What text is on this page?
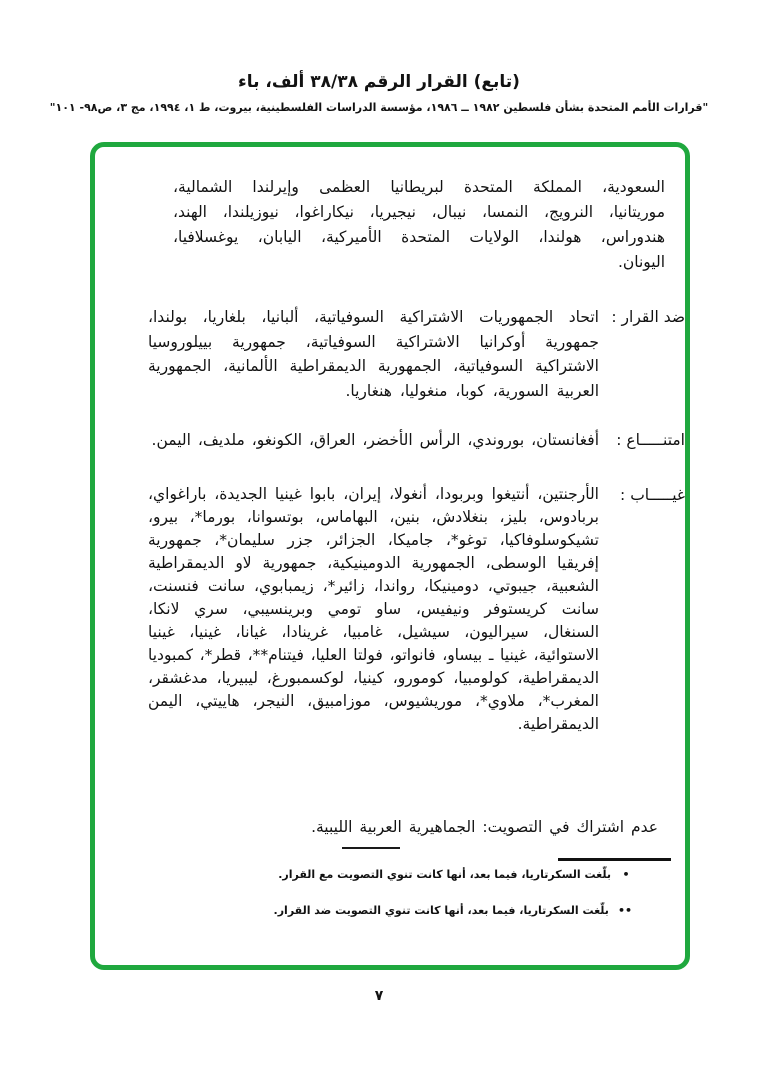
(تابع) القرار الرقم ٣٨/٣٨ ألف، باء
"قرارات الأمم المتحدة بشأن فلسطين ١٩٨٢ ــ ١٩٨٦، مؤسسة الدراسات الفلسطينية، بيروت، ط ١، ١٩٩٤، مج ٣، ص٩٨- ١٠١"
السعودية، المملكة المتحدة لبريطانيا العظمى وإيرلندا الشمالية، موريتانيا، النرويج، النمسا، نيبال، نيجيريا، نيكاراغوا، نيوزيلندا، الهند، هندوراس، هولندا، الولايات المتحدة الأميركية، اليابان، يوغسلافيا، اليونان.
ضد القرار :
اتحاد الجمهوريات الاشتراكية السوفياتية، ألبانيا، بلغاريا، بولندا، جمهورية أوكرانيا الاشتراكية السوفياتية، جمهورية بييلوروسيا الاشتراكية السوفياتية، الجمهورية الديمقراطية الألمانية، الجمهورية العربية السورية، كوبا، منغوليا، هنغاريا.
امتنـــــاع :
أفغانستان، بوروندي، الرأس الأخضر، العراق، الكونغو، ملديف، اليمن.
غيـــــاب :
الأرجنتين، أنتيغوا وبربودا، أنغولا، إيران، بابوا غينيا الجديدة، باراغواي، بربادوس، بليز، بنغلادش، بنين، البهاماس، بوتسوانا، بورما*، بيرو، تشيكوسلوفاكيا، توغو*، جاميكا، الجزائر، جزر سليمان*، جمهورية إفريقيا الوسطى، الجمهورية الدومينيكية، جمهورية لاو الديمقراطية الشعبية، جيبوتي، دومينيكا، رواندا، زائير*، زيمبابوي، سانت فنسنت، سانت كريستوفر ونيفيس، ساو تومي وبرينسيبي، سري لانكا، السنغال، سيراليون، سيشيل، غامبيا، غرينادا، غيانا، غينيا، غينيا الاستوائية، غينيا ـ بيساو، فانواتو، فولتا العليا، فيتنام**، قطر*، كمبوديا الديمقراطية، كولومبيا، كومورو، كينيا، لوكسمبورغ، ليبيريا، مدغشقر، المغرب*، ملاوي*، موريشيوس، موزامبيق، النيجر، هاييتي، اليمن الديمقراطية.
عدم اشتراك في التصويت: الجماهيرية العربية الليبية.
•
بلّغت السكرتاريا، فيما بعد، أنها كانت تنوي التصويت مع القرار.
••
بلّغت السكرتاريا، فيما بعد، أنها كانت تنوي التصويت ضد القرار.
٧
